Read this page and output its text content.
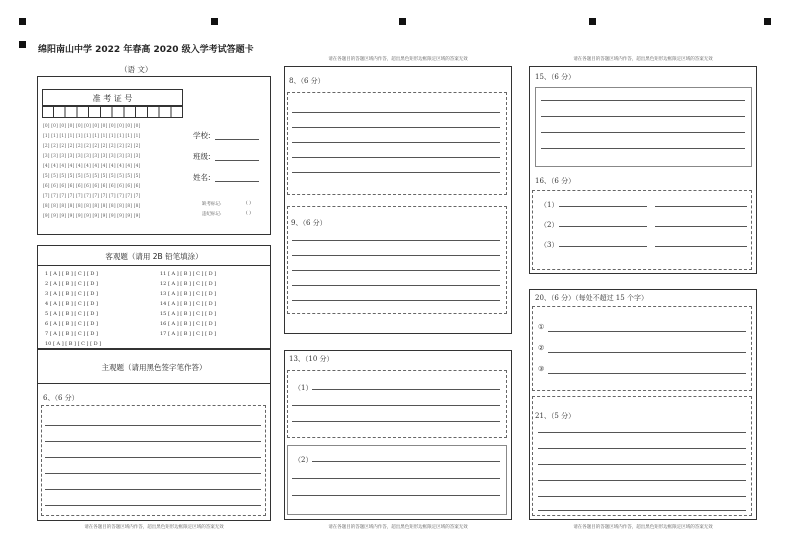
绵阳南山中学 2022 年春高 2020 级入学考试答题卡
（语 文）
准 考 证 号
[0] [0] [0] [0] [0] [0] [0] [0] [0] [0] [0] [0]
[1] [1] [1] [1] [1] [1] [1] [1] [1] [1] [1] [1]
[2] [2] [2] [2] [2] [2] [2] [2] [2] [2] [2] [2]
[3] [3] [3] [3] [3] [3] [3] [3] [3] [3] [3] [3]
[4] [4] [4] [4] [4] [4] [4] [4] [4] [4] [4] [4]
[5] [5] [5] [5] [5] [5] [5] [5] [5] [5] [5] [5]
[6] [6] [6] [6] [6] [6] [6] [6] [6] [6] [6] [6]
[7] [7] [7] [7] [7] [7] [7] [7] [7] [7] [7] [7]
[8] [8] [8] [8] [8] [8] [8] [8] [8] [8] [8] [8]
[9] [9] [9] [9] [9] [9] [9] [9] [9] [9] [9] [9]
学校:
班级:
姓名:
缺考标记:	( )
违纪标记:	( )
客观题（请用 2B 铅笔填涂）
1 [ A ] [ B ] [ C ] [ D ]
2 [ A ] [ B ] [ C ] [ D ]
3 [ A ] [ B ] [ C ] [ D ]
4 [ A ] [ B ] [ C ] [ D ]
5 [ A ] [ B ] [ C ] [ D ]
6 [ A ] [ B ] [ C ] [ D ]
7 [ A ] [ B ] [ C ] [ D ]
10 [ A ] [ B ] [ C ] [ D ]
11 [ A ] [ B ] [ C ] [ D ]
12 [ A ] [ B ] [ C ] [ D ]
13 [ A ] [ B ] [ C ] [ D ]
14 [ A ] [ B ] [ C ] [ D ]
15 [ A ] [ B ] [ C ] [ D ]
16 [ A ] [ B ] [ C ] [ D ]
17 [ A ] [ B ] [ C ] [ D ]
主观题（请用黑色签字笔作答）
6、（6 分）
请在各题目的答题区域内作答，超出黑色矩形边框限定区域的答案无效
请在各题目的答题区域内作答，超出黑色矩形边框限定区域的答案无效
8、（6 分）
9、（6 分）
13、（10 分）
（1）
（2）
请在各题目的答题区域内作答，超出黑色矩形边框限定区域的答案无效
请在各题目的答题区域内作答，超出黑色矩形边框限定区域的答案无效
15、（6 分）
16、（6 分）
（1）
（2）
（3）
20、（6 分）（每处不超过 15 个字）
①
②
③
21、（5 分）
请在各题目的答题区域内作答，超出黑色矩形边框限定区域的答案无效
